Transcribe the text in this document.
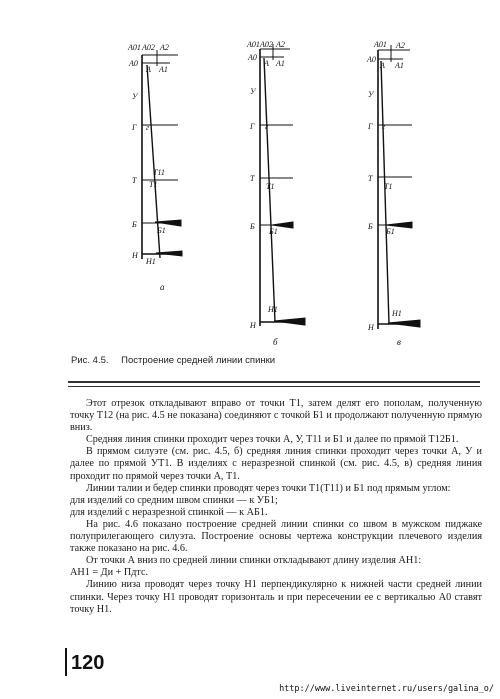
A01 A02 A2
A0
A A1
У
Г г
Т
Т11
Т1
Б
Б1
Н
Н1
а
A01 A02 A2
A0
A A1
У
Г г
Т
Т1
Б
Б1
Н
Н1
б
A01 A2
A0
A A1
У
Г г
Т
Т1
Б
Б1
Н
Н1
в
Рис. 4.5. Построение средней линии спинки

Этот отрезок откладывают вправо от точки Т1, затем делят его пополам, полученную точку Т12 (на рис. 4.5 не показана) соединяют с точкой Б1 и продолжают полученную прямую вниз.

Средняя линия спинки проходит через точки А, У, Т11 и Б1 и далее по прямой Т12Б1.

В прямом силуэте (см. рис. 4.5, б) средняя линия спинки проходит через точки А, У и далее по прямой УТ1. В изделиях с неразрезной спинкой (см. рис. 4.5, в) средняя линия проходит по прямой через точки А, Т1.

Линии талии и бедер спинки проводят через точки Т1(Т11) и Б1 под прямым углом:

для изделий со средним швом спинки — к УБ1;

для изделий с неразрезной спинкой — к АБ1.

На рис. 4.6 показано построение средней линии спинки со швом в мужском пиджаке полуприлегающего силуэта. Построение основы чертежа конструкции плечевого изделия также показано на рис. 4.6.

От точки А вниз по средней линии спинки откладывают длину изделия АН1:

АН1 = Ди + Пдтс.

Линию низа проводят через точку Н1 перпендикулярно к нижней части средней линии спинки. Через точку Н1 проводят горизонталь и при пересечении ее с вертикалью А0 ставят точку Н1.

120
http://www.liveinternet.ru/users/galina_o/
